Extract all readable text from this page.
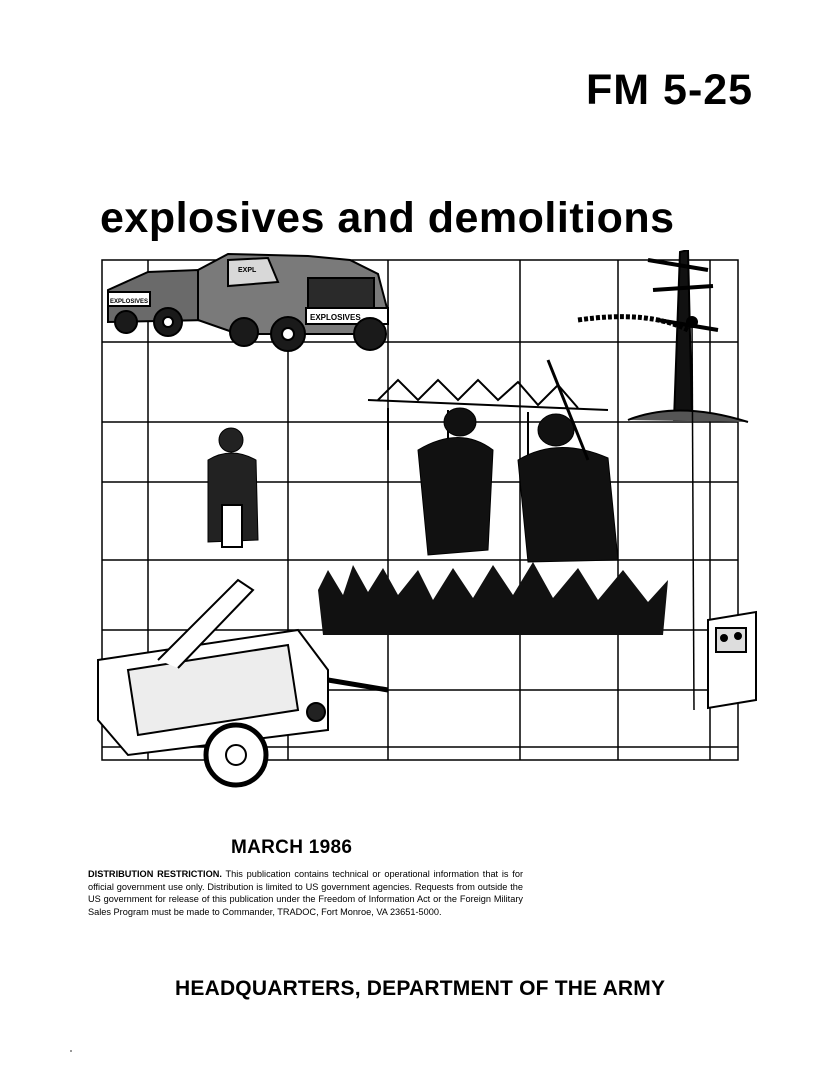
FM 5-25
explosives and demolitions
EXPLOSIVES
EXPLOSIVES
EXPL
MARCH 1986
DISTRIBUTION RESTRICTION. This publication contains technical or operational information that is for official government use only. Distribution is limited to US government agencies. Requests from outside the US government for release of this publication under the Freedom of Information Act or the Foreign Military Sales Program must be made to Commander, TRADOC, Fort Monroe, VA 23651-5000.
HEADQUARTERS, DEPARTMENT OF THE ARMY
